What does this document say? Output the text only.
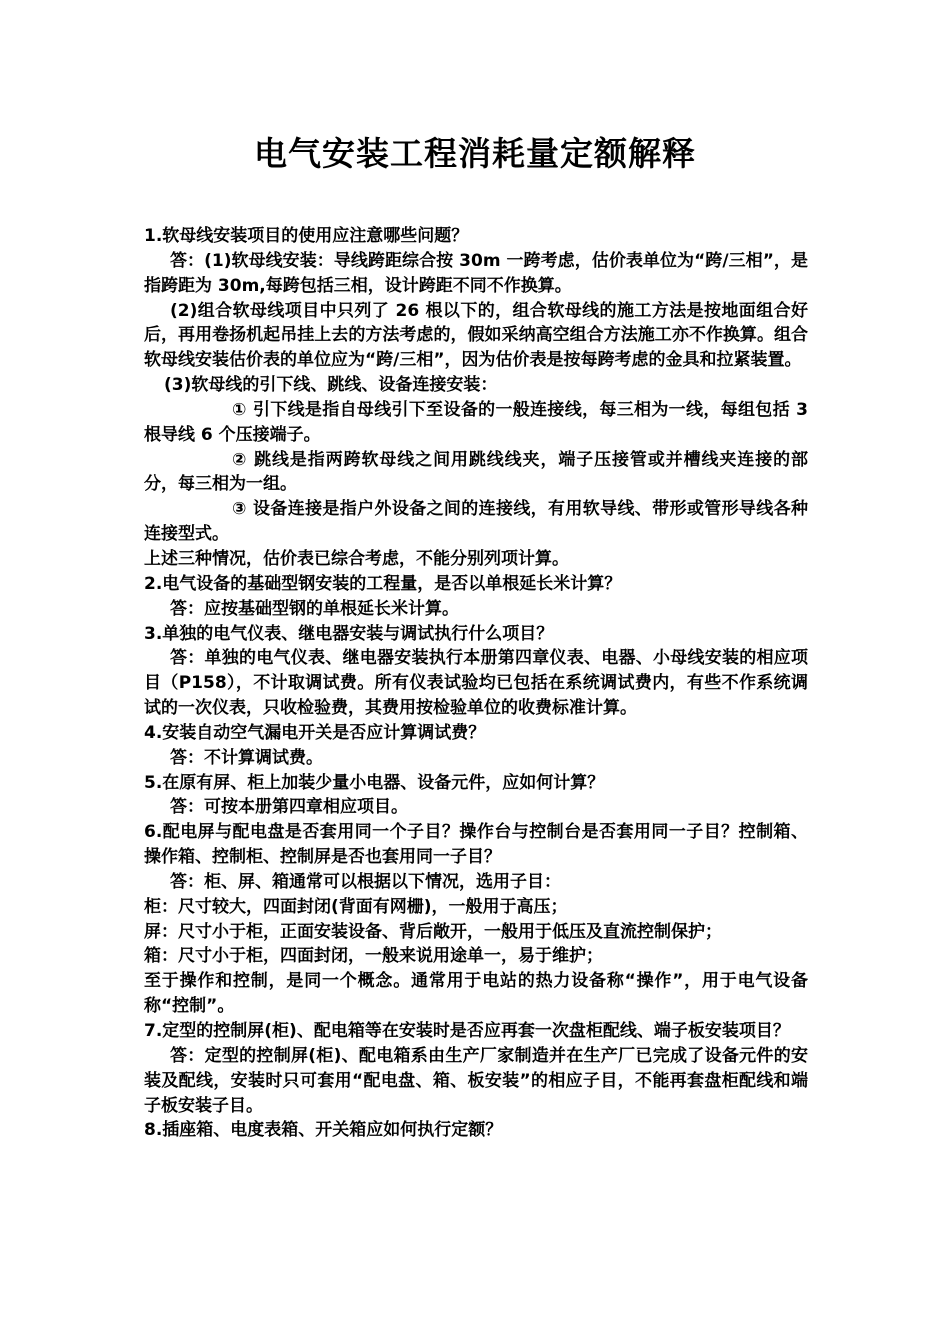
电气安装工程消耗量定额解释

1.软母线安装项目的使用应注意哪些问题？

答：(1)软母线安装：导线跨距综合按 30m 一跨考虑，估价表单位为“跨/三相”，是指跨距为 30m,每跨包括三相，设计跨距不同不作换算。

(2)组合软母线项目中只列了 26 根以下的，组合软母线的施工方法是按地面组合好后，再用卷扬机起吊挂上去的方法考虑的，假如采纳高空组合方法施工亦不作换算。组合软母线安装估价表的单位应为“跨/三相”，因为估价表是按每跨考虑的金具和拉紧装置。

(3)软母线的引下线、跳线、设备连接安装：

① 引下线是指自母线引下至设备的一般连接线，每三相为一线，每组包括 3 根导线 6 个压接端子。

② 跳线是指两跨软母线之间用跳线线夹，端子压接管或并槽线夹连接的部分，每三相为一组。

③ 设备连接是指户外设备之间的连接线，有用软导线、带形或管形导线各种连接型式。

上述三种情况，估价表已综合考虑，不能分别列项计算。

2.电气设备的基础型钢安装的工程量，是否以单根延长米计算？

答：应按基础型钢的单根延长米计算。

3.单独的电气仪表、继电器安装与调试执行什么项目？

答：单独的电气仪表、继电器安装执行本册第四章仪表、电器、小母线安装的相应项目（P158），不计取调试费。所有仪表试验均已包括在系统调试费内，有些不作系统调试的一次仪表，只收检验费，其费用按检验单位的收费标准计算。

4.安装自动空气漏电开关是否应计算调试费？

答：不计算调试费。

5.在原有屏、柜上加装少量小电器、设备元件，应如何计算？

答：可按本册第四章相应项目。

6.配电屏与配电盘是否套用同一个子目？操作台与控制台是否套用同一子目？控制箱、操作箱、控制柜、控制屏是否也套用同一子目？

答：柜、屏、箱通常可以根据以下情况，选用子目：

柜：尺寸较大，四面封闭(背面有网栅)，一般用于高压；

屏：尺寸小于柜，正面安装设备、背后敞开，一般用于低压及直流控制保护；

箱：尺寸小于柜，四面封闭，一般来说用途单一，易于维护；

至于操作和控制，是同一个概念。通常用于电站的热力设备称“操作”，用于电气设备称“控制”。

7.定型的控制屏(柜)、配电箱等在安装时是否应再套一次盘柜配线、端子板安装项目？

答：定型的控制屏(柜)、配电箱系由生产厂家制造并在生产厂已完成了设备元件的安装及配线，安装时只可套用“配电盘、箱、板安装”的相应子目，不能再套盘柜配线和端子板安装子目。

8.插座箱、电度表箱、开关箱应如何执行定额？
